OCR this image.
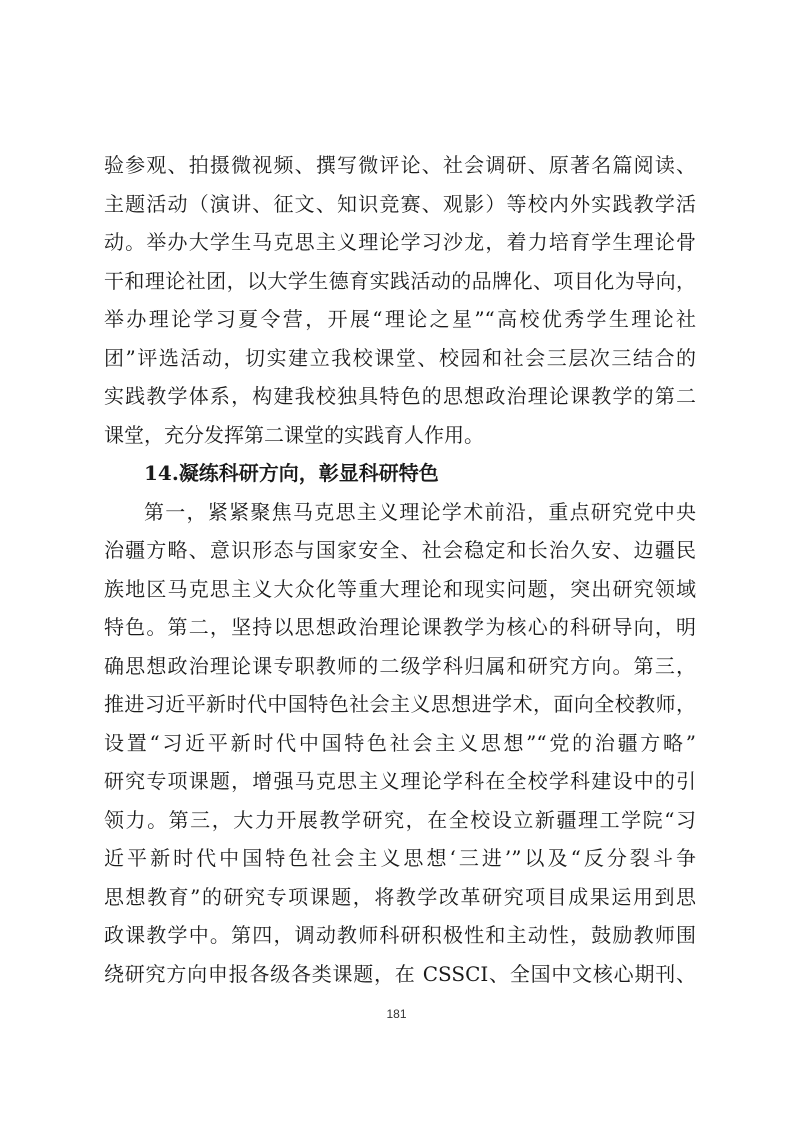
验参观、拍摄微视频、撰写微评论、社会调研、原著名篇阅读、
主题活动（演讲、征文、知识竞赛、观影）等校内外实践教学活
动。举办大学生马克思主义理论学习沙龙，着力培育学生理论骨
干和理论社团，以大学生德育实践活动的品牌化、项目化为导向，
举办理论学习夏令营，开展“理论之星”“高校优秀学生理论社
团”评选活动，切实建立我校课堂、校园和社会三层次三结合的
实践教学体系，构建我校独具特色的思想政治理论课教学的第二
课堂，充分发挥第二课堂的实践育人作用。
14.凝练科研方向，彰显科研特色
第一，紧紧聚焦马克思主义理论学术前沿，重点研究党中央
治疆方略、意识形态与国家安全、社会稳定和长治久安、边疆民
族地区马克思主义大众化等重大理论和现实问题，突出研究领域
特色。第二，坚持以思想政治理论课教学为核心的科研导向，明
确思想政治理论课专职教师的二级学科归属和研究方向。第三，
推进习近平新时代中国特色社会主义思想进学术，面向全校教师，
设置“习近平新时代中国特色社会主义思想”“党的治疆方略”
研究专项课题，增强马克思主义理论学科在全校学科建设中的引
领力。第三，大力开展教学研究，在全校设立新疆理工学院“习
近平新时代中国特色社会主义思想‘三进’”以及“反分裂斗争
思想教育”的研究专项课题，将教学改革研究项目成果运用到思
政课教学中。第四，调动教师科研积极性和主动性，鼓励教师围
绕研究方向申报各级各类课题，在 CSSCI、全国中文核心期刊、
181
